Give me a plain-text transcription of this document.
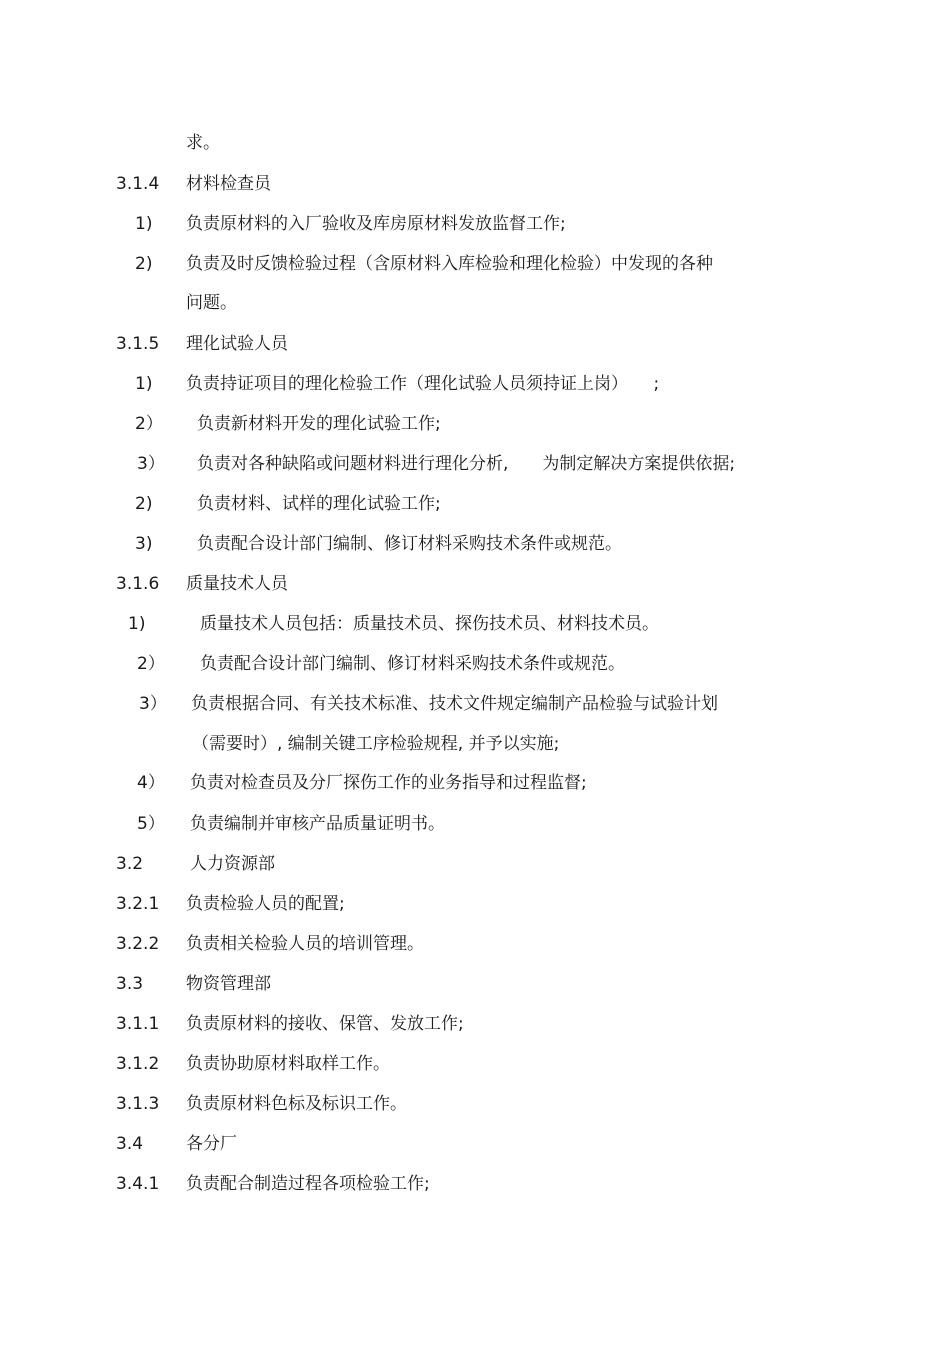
求。
3.1.4 材料检查员
1) 负责原材料的入厂验收及库房原材料发放监督工作;
2) 负责及时反馈检验过程（含原材料入库检验和理化检验）中发现的各种
问题。
3.1.5 理化试验人员
1) 负责持证项目的理化检验工作（理化试验人员须持证上岗）　　;
2） 负责新材料开发的理化试验工作;
3） 负责对各种缺陷或问题材料进行理化分析,　　为制定解决方案提供依据;
2)	负责材料、试样的理化试验工作;
3)	负责配合设计部门编制、修订材料采购技术条件或规范。
3.1.6 质量技术人员
1)	质量技术人员包括：质量技术员、探伤技术员、材料技术员。
2） 负责配合设计部门编制、修订材料采购技术条件或规范。
3） 负责根据合同、有关技术标准、技术文件规定编制产品检验与试验计划
（需要时）, 编制关键工序检验规程, 并予以实施;
4） 负责对检查员及分厂探伤工作的业务指导和过程监督;
5） 负责编制并审核产品质量证明书。
3.2	人力资源部
3.2.1 负责检验人员的配置;
3.2.2 负责相关检验人员的培训管理。
3.3	物资管理部
3.1.1 负责原材料的接收、保管、发放工作;
3.1.2 负责协助原材料取样工作。
3.1.3 负责原材料色标及标识工作。
3.4	各分厂
3.4.1 负责配合制造过程各项检验工作;
